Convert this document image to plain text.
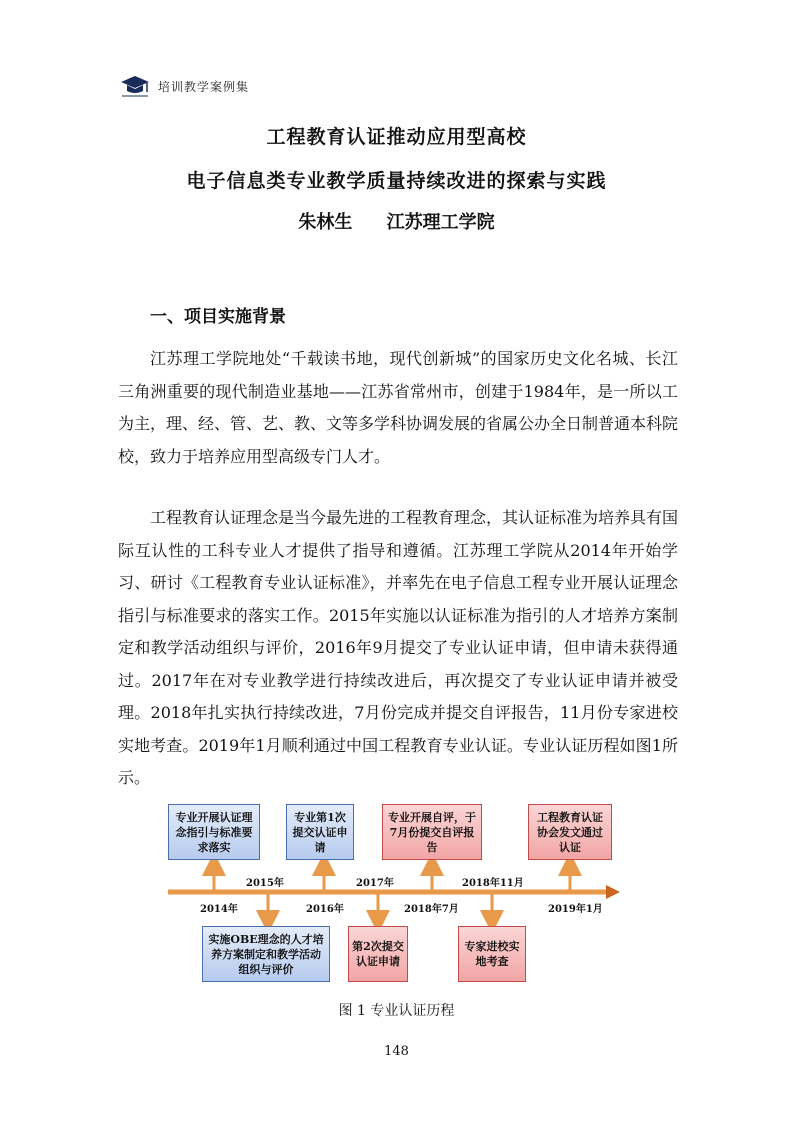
培训教学案例集
工程教育认证推动应用型高校
电子信息类专业教学质量持续改进的探索与实践
朱林生 江苏理工学院
一、项目实施背景

江苏理工学院地处“千载读书地，现代创新城”的国家历史文化名城、长江三角洲重要的现代制造业基地——江苏省常州市，创建于1984年，是一所以工为主，理、经、管、艺、教、文等多学科协调发展的省属公办全日制普通本科院校，致力于培养应用型高级专门人才。

工程教育认证理念是当今最先进的工程教育理念，其认证标准为培养具有国际互认性的工科专业人才提供了指导和遵循。江苏理工学院从2014年开始学习、研讨《工程教育专业认证标准》，并率先在电子信息工程专业开展认证理念指引与标准要求的落实工作。2015年实施以认证标准为指引的人才培养方案制定和教学活动组织与评价，2016年9月提交了专业认证申请，但申请未获得通过。2017年在对专业教学进行持续改进后，再次提交了专业认证申请并被受理。2018年扎实执行持续改进，7月份完成并提交自评报告，11月份专家进校实地考查。2019年1月顺利通过中国工程教育专业认证。专业认证历程如图1所示。

专业开展认证理念指引与标准要求落实
专业第1次提交认证申请
专业开展自评，于7月份提交自评报告
工程教育认证协会发文通过认证
2015年	2017年	2018年11月
2014年	2016年	2018年7月	2019年1月
实施OBE理念的人才培养方案制定和教学活动组织与评价
第2次提交认证申请
专家进校实地考查
图 1 专业认证历程
148
